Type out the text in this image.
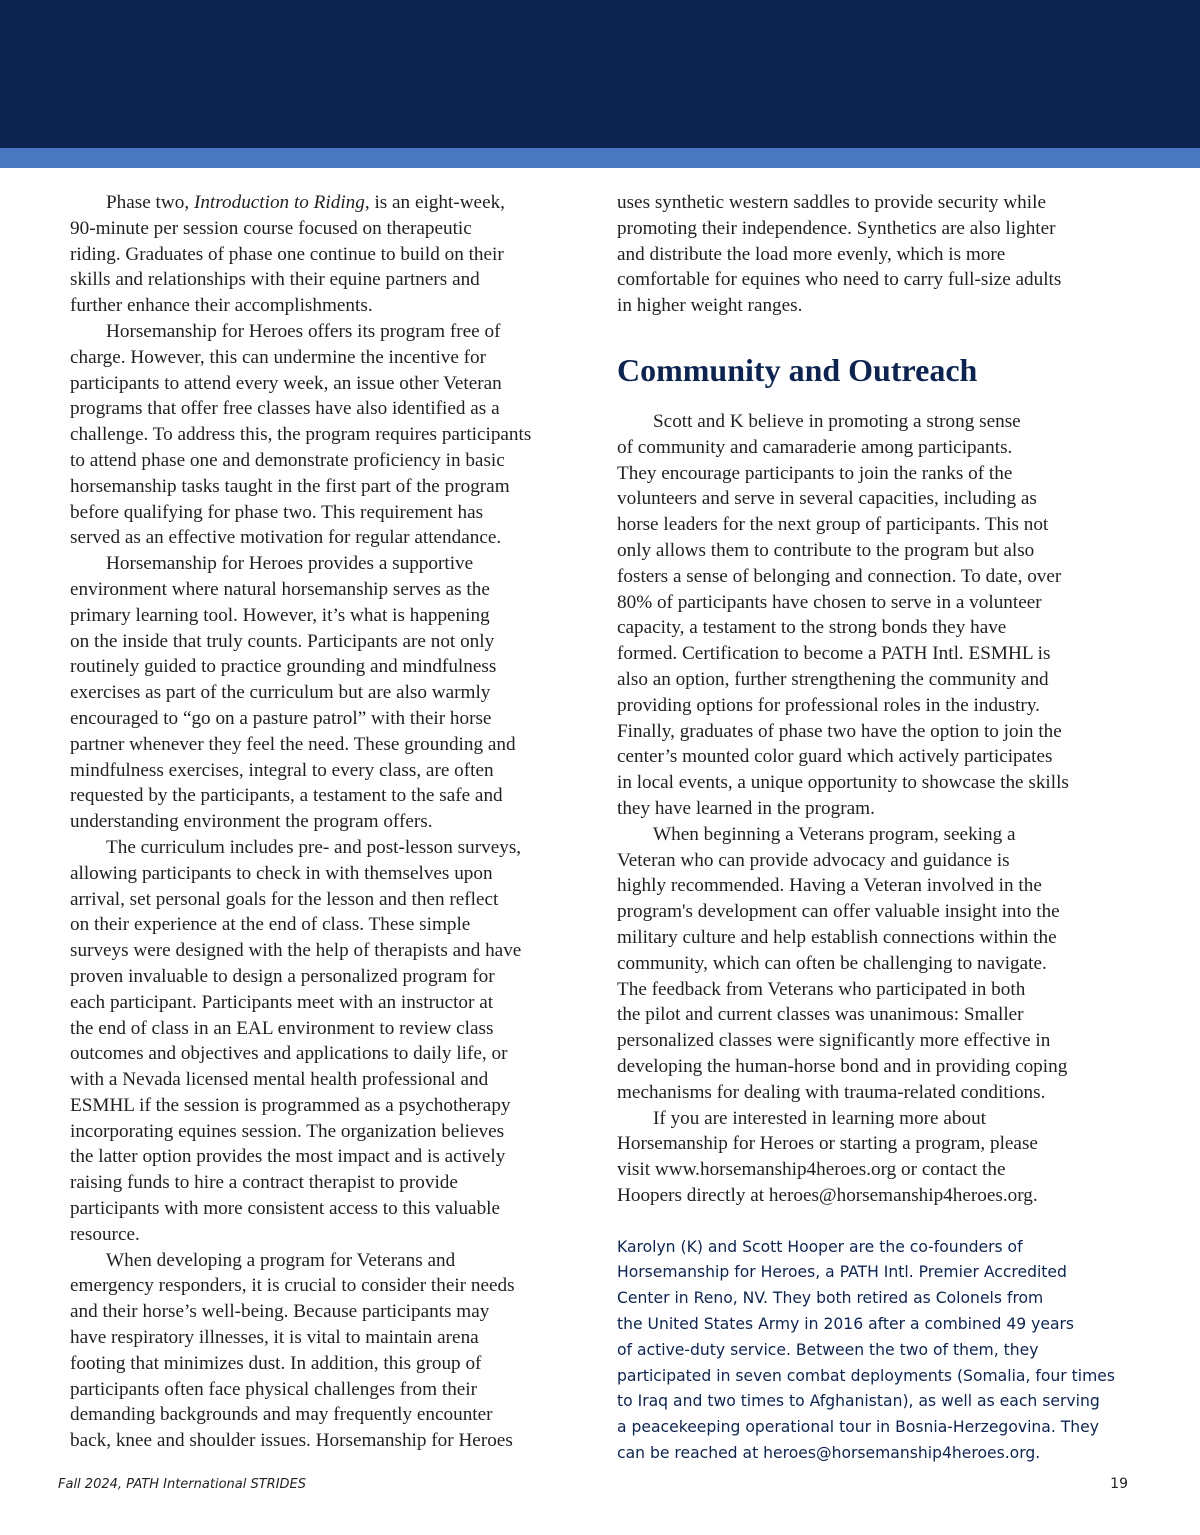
Phase two, Introduction to Riding, is an eight-week,
90-minute per session course focused on therapeutic
riding. Graduates of phase one continue to build on their
skills and relationships with their equine partners and
further enhance their accomplishments.

Horsemanship for Heroes offers its program free of
charge. However, this can undermine the incentive for
participants to attend every week, an issue other Veteran
programs that offer free classes have also identified as a
challenge. To address this, the program requires participants
to attend phase one and demonstrate proficiency in basic
horsemanship tasks taught in the first part of the program
before qualifying for phase two. This requirement has
served as an effective motivation for regular attendance.

Horsemanship for Heroes provides a supportive
environment where natural horsemanship serves as the
primary learning tool. However, it’s what is happening
on the inside that truly counts. Participants are not only
routinely guided to practice grounding and mindfulness
exercises as part of the curriculum but are also warmly
encouraged to “go on a pasture patrol” with their horse
partner whenever they feel the need. These grounding and
mindfulness exercises, integral to every class, are often
requested by the participants, a testament to the safe and
understanding environment the program offers.

The curriculum includes pre- and post-lesson surveys,
allowing participants to check in with themselves upon
arrival, set personal goals for the lesson and then reflect
on their experience at the end of class. These simple
surveys were designed with the help of therapists and have
proven invaluable to design a personalized program for
each participant. Participants meet with an instructor at
the end of class in an EAL environment to review class
outcomes and objectives and applications to daily life, or
with a Nevada licensed mental health professional and
ESMHL if the session is programmed as a psychotherapy
incorporating equines session. The organization believes
the latter option provides the most impact and is actively
raising funds to hire a contract therapist to provide
participants with more consistent access to this valuable
resource.

When developing a program for Veterans and
emergency responders, it is crucial to consider their needs
and their horse’s well-being. Because participants may
have respiratory illnesses, it is vital to maintain arena
footing that minimizes dust. In addition, this group of
participants often face physical challenges from their
demanding backgrounds and may frequently encounter
back, knee and shoulder issues. Horsemanship for Heroes

uses synthetic western saddles to provide security while
promoting their independence. Synthetics are also lighter
and distribute the load more evenly, which is more
comfortable for equines who need to carry full-size adults
in higher weight ranges.

Community and Outreach

Scott and K believe in promoting a strong sense
of community and camaraderie among participants.
They encourage participants to join the ranks of the
volunteers and serve in several capacities, including as
horse leaders for the next group of participants. This not
only allows them to contribute to the program but also
fosters a sense of belonging and connection. To date, over
80% of participants have chosen to serve in a volunteer
capacity, a testament to the strong bonds they have
formed. Certification to become a PATH Intl. ESMHL is
also an option, further strengthening the community and
providing options for professional roles in the industry.
Finally, graduates of phase two have the option to join the
center’s mounted color guard which actively participates
in local events, a unique opportunity to showcase the skills
they have learned in the program.

When beginning a Veterans program, seeking a
Veteran who can provide advocacy and guidance is
highly recommended. Having a Veteran involved in the
program's development can offer valuable insight into the
military culture and help establish connections within the
community, which can often be challenging to navigate.
The feedback from Veterans who participated in both
the pilot and current classes was unanimous: Smaller
personalized classes were significantly more effective in
developing the human-horse bond and in providing coping
mechanisms for dealing with trauma-related conditions.

If you are interested in learning more about
Horsemanship for Heroes or starting a program, please
visit www.horsemanship4heroes.org or contact the
Hoopers directly at heroes@horsemanship4heroes.org.

Karolyn (K) and Scott Hooper are the co-founders of
Horsemanship for Heroes, a PATH Intl. Premier Accredited
Center in Reno, NV. They both retired as Colonels from
the United States Army in 2016 after a combined 49 years
of active-duty service. Between the two of them, they
participated in seven combat deployments (Somalia, four times
to Iraq and two times to Afghanistan), as well as each serving
a peacekeeping operational tour in Bosnia-Herzegovina. They
can be reached at heroes@horsemanship4heroes.org.
Fall 2024, PATH International STRIDES	19
